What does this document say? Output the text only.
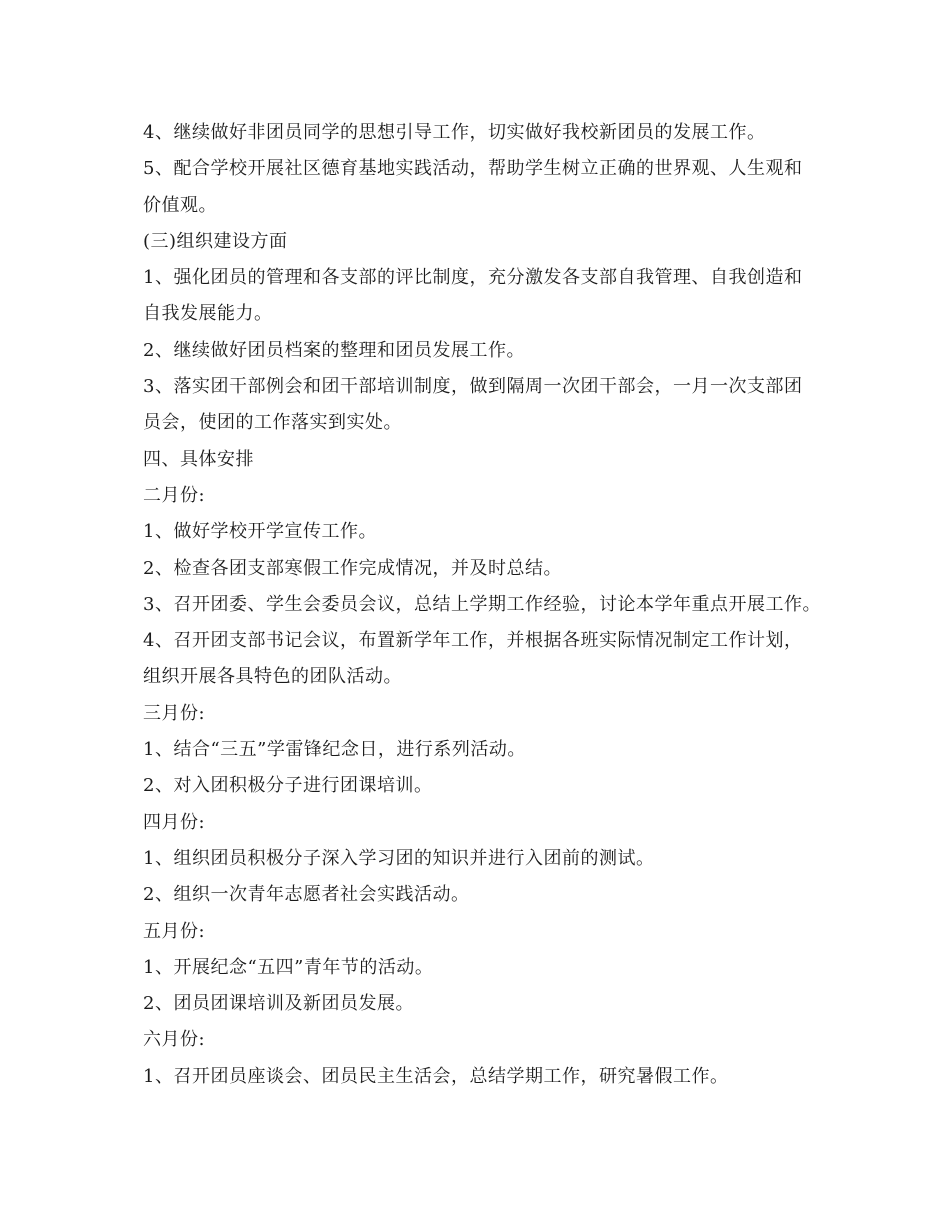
4、继续做好非团员同学的思想引导工作，切实做好我校新团员的发展工作。
5、配合学校开展社区德育基地实践活动，帮助学生树立正确的世界观、人生观和
价值观。
(三)组织建设方面
1、强化团员的管理和各支部的评比制度，充分激发各支部自我管理、自我创造和
自我发展能力。
2、继续做好团员档案的整理和团员发展工作。
3、落实团干部例会和团干部培训制度，做到隔周一次团干部会，一月一次支部团
员会，使团的工作落实到实处。
四、具体安排
二月份:
1、做好学校开学宣传工作。
2、检查各团支部寒假工作完成情况，并及时总结。
3、召开团委、学生会委员会议，总结上学期工作经验，讨论本学年重点开展工作。
4、召开团支部书记会议，布置新学年工作，并根据各班实际情况制定工作计划，
组织开展各具特色的团队活动。
三月份:
1、结合“三五”学雷锋纪念日，进行系列活动。
2、对入团积极分子进行团课培训。
四月份:
1、组织团员积极分子深入学习团的知识并进行入团前的测试。
2、组织一次青年志愿者社会实践活动。
五月份:
1、开展纪念“五四”青年节的活动。
2、团员团课培训及新团员发展。
六月份:
1、召开团员座谈会、团员民主生活会，总结学期工作，研究暑假工作。
